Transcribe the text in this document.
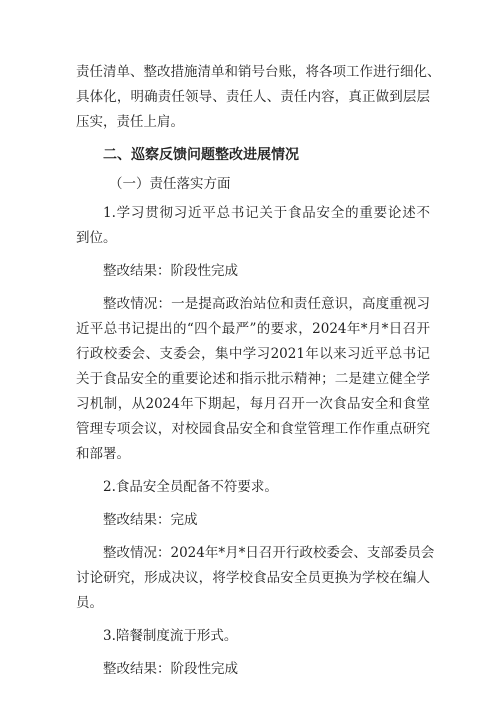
责任清单、整改措施清单和销号台账，将各项工作进行细化、
具体化，明确责任领导、责任人、责任内容，真正做到层层
压实，责任上肩。
二、巡察反馈问题整改进展情况
（一）责任落实方面
1.学习贯彻习近平总书记关于食品安全的重要论述不
到位。
整改结果：阶段性完成
整改情况：一是提高政治站位和责任意识，高度重视习
近平总书记提出的“四个最严”的要求，2024年*月*日召开
行政校委会、支委会，集中学习2021年以来习近平总书记
关于食品安全的重要论述和指示批示精神；二是建立健全学
习机制，从2024年下期起，每月召开一次食品安全和食堂
管理专项会议，对校园食品安全和食堂管理工作作重点研究
和部署。
2.食品安全员配备不符要求。
整改结果：完成
整改情况：2024年*月*日召开行政校委会、支部委员会
讨论研究，形成决议，将学校食品安全员更换为学校在编人
员。
3.陪餐制度流于形式。
整改结果：阶段性完成
